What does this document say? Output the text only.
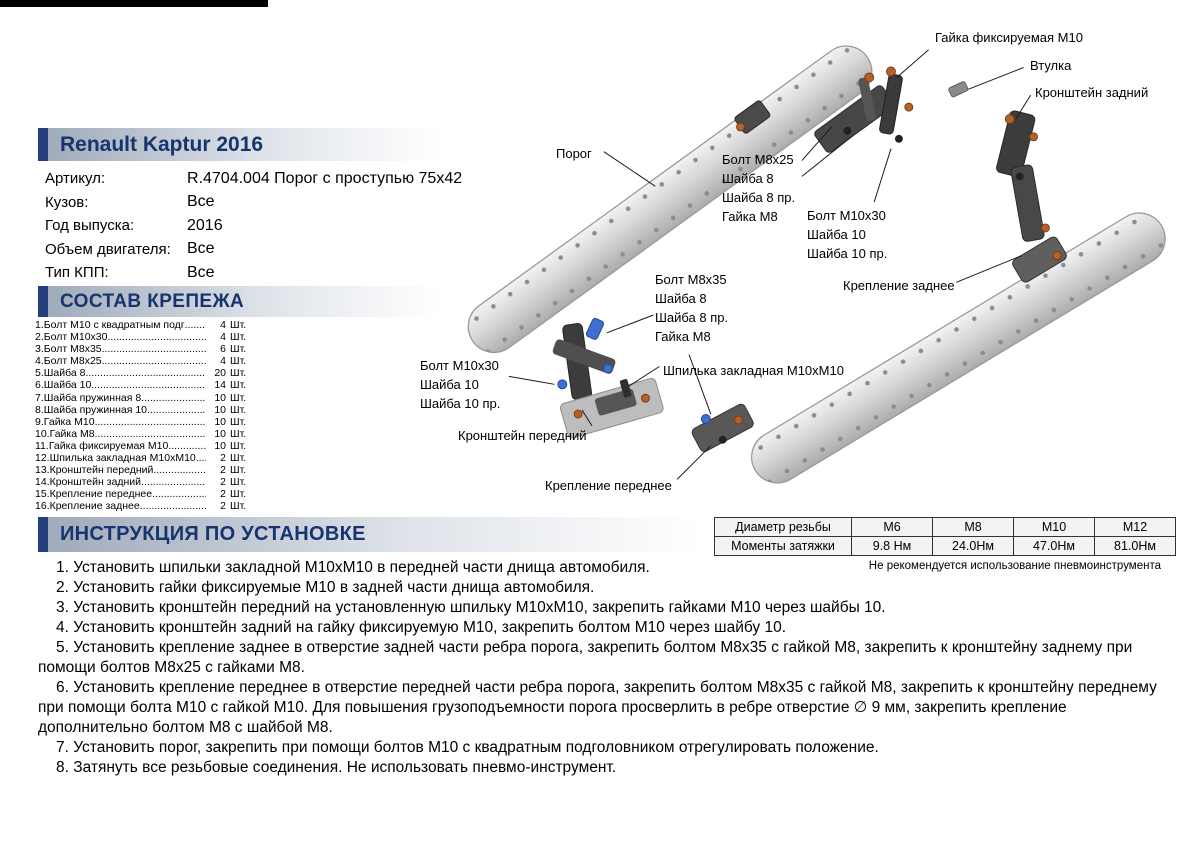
Renault Kaptur 2016
Артикул:	R.4704.004 Порог с проступью 75х42
Кузов:	Все
Год выпуска:	2016
Объем двигателя:	Все
Тип КПП:	Все
СОСТАВ КРЕПЕЖА
1.Болт М10 с квадратным подг .....	4 Шт.
2.Болт М10х30 .....	4 Шт.
3.Болт М8х35 .....	6 Шт.
4.Болт М8х25 .....	4 Шт.
5.Шайба 8 .....	20 Шт.
6.Шайба 10 .....	14 Шт.
7.Шайба пружинная 8 .....	10 Шт.
8.Шайба пружинная 10 .....	10 Шт.
9.Гайка М10 .....	10 Шт.
10.Гайка М8 .....	10 Шт.
11.Гайка фиксируемая М10 .....	10 Шт.
12.Шпилька закладная М10хМ10 .....	2 Шт.
13.Кронштейн передний .....	2 Шт.
14.Кронштейн задний .....	2 Шт.
15.Крепление переднее .....	2 Шт.
16.Крепление заднее .....	2 Шт.
Гайка фиксируемая М10
Втулка
Кронштейн задний
Порог	Болт М8х25
Шайба 8
Шайба 8 пр.
Гайка М8	Болт М10х30
Шайба 10
Шайба 10 пр.
Крепление заднее
Болт М8х35
Шайба 8
Шайба 8 пр.
Гайка М8
Болт М10х30
Шайба 10
Шайба 10 пр.
Шпилька закладная М10хМ10
Кронштейн передний
Крепление переднее
ИНСТРУКЦИЯ ПО УСТАНОВКЕ	Диаметр резьбы	М6	М8	М10	М12
Моменты затяжки	9.8 Нм	24.0Нм	47.0Нм	81.0Нм
Не рекомендуется использование пневмоинструмента

1. Установить шпильки закладной М10хМ10 в передней части днища автомобиля.

2. Установить гайки фиксируемые М10 в задней части днища автомобиля.

3. Установить кронштейн передний на установленную шпильку М10хМ10, закрепить гайками М10 через шайбы 10.

4. Установить кронштейн задний на гайку фиксируемую М10, закрепить болтом М10 через шайбу 10.

5. Установить крепление заднее в отверстие задней части ребра порога, закрепить болтом М8х35 с гайкой М8, закрепить к кронштейну заднему при помощи болтов М8х25 с гайками М8.

6. Установить крепление переднее в отверстие передней части ребра порога, закрепить болтом М8х35 с гайкой М8, закрепить к кронштейну переднему при помощи болта М10 с гайкой М10. Для повышения грузоподъемности порога просверлить в ребре отверстие ∅ 9 мм, закрепить крепление дополнительно болтом М8 с шайбой М8.

7. Установить порог, закрепить при помощи болтов М10 с квадратным подголовником отрегулировать положение.

8. Затянуть все резьбовые соединения. Не использовать пневмо-инструмент.
